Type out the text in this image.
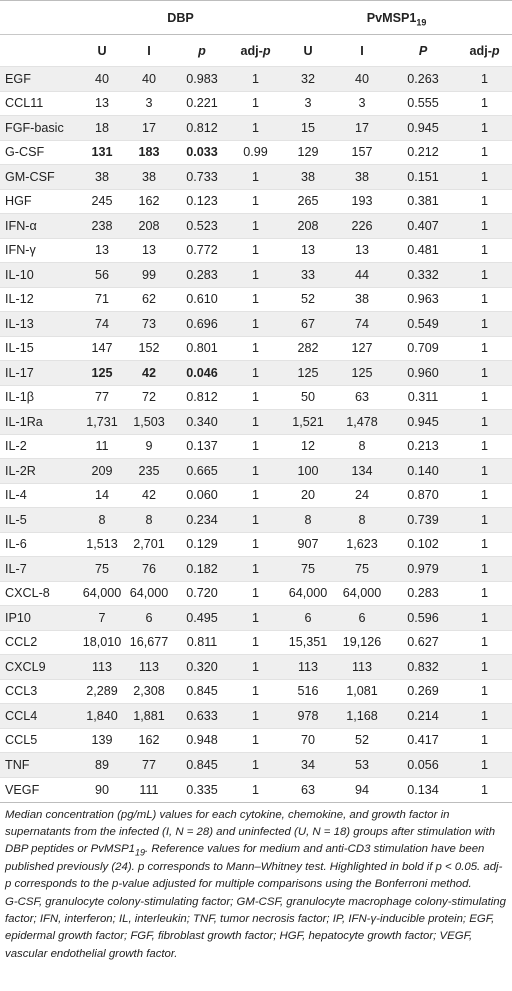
	DBP				$PvMSP1_{19}$
	U	I	p	adj-p	U	I	P	adj-p
EGF	40	40	0.983	1	32	40	0.263	1
CCL11	13	3	0.221	1	3	3	0.555	1
FGF-basic	18	17	0.812	1	15	17	0.945	1
G-CSF	131	183	0.033	0.99	129	157	0.212	1
GM-CSF	38	38	0.733	1	38	38	0.151	1
HGF	245	162	0.123	1	265	193	0.381	1
IFN-α	238	208	0.523	1	208	226	0.407	1
IFN-γ	13	13	0.772	1	13	13	0.481	1
IL-10	56	99	0.283	1	33	44	0.332	1
IL-12	71	62	0.610	1	52	38	0.963	1
IL-13	74	73	0.696	1	67	74	0.549	1
IL-15	147	152	0.801	1	282	127	0.709	1
IL-17	125	42	0.046	1	125	125	0.960	1
IL-1β	77	72	0.812	1	50	63	0.311	1
IL-1Ra	1,731	1,503	0.340	1	1,521	1,478	0.945	1
IL-2	11	9	0.137	1	12	8	0.213	1
IL-2R	209	235	0.665	1	100	134	0.140	1
IL-4	14	42	0.060	1	20	24	0.870	1
IL-5	8	8	0.234	1	8	8	0.739	1
IL-6	1,513	2,701	0.129	1	907	1,623	0.102	1
IL-7	75	76	0.182	1	75	75	0.979	1
CXCL-8	64,000	64,000	0.720	1	64,000	64,000	0.283	1
IP10	7	6	0.495	1	6	6	0.596	1
CCL2	18,010	16,677	0.811	1	15,351	19,126	0.627	1
CXCL9	113	113	0.320	1	113	113	0.832	1
CCL3	2,289	2,308	0.845	1	516	1,081	0.269	1
CCL4	1,840	1,881	0.633	1	978	1,168	0.214	1
CCL5	139	162	0.948	1	70	52	0.417	1
TNF	89	77	0.845	1	34	53	0.056	1
VEGF	90	111	0.335	1	63	94	0.134	1

Median concentration (pg/mL) values for each cytokine, chemokine, and growth factor in supernatants from the infected (I, N = 28) and uninfected (U, N = 18) groups after stimulation with DBP peptides or $PvMSP1_{19}$. Reference values for medium and anti-CD3 stimulation have been published previously (24). p corresponds to Mann–Whitney test. Highlighted in bold if p < 0.05. adj-p corresponds to the p-value adjusted for multiple comparisons using the Bonferroni method.

G-CSF, granulocyte colony-stimulating factor; GM-CSF, granulocyte macrophage colony-stimulating factor; IFN, interferon; IL, interleukin; TNF, tumor necrosis factor; IP, IFN-γ-inducible protein; EGF, epidermal growth factor; FGF, fibroblast growth factor; HGF, hepatocyte growth factor; VEGF, vascular endothelial growth factor.
